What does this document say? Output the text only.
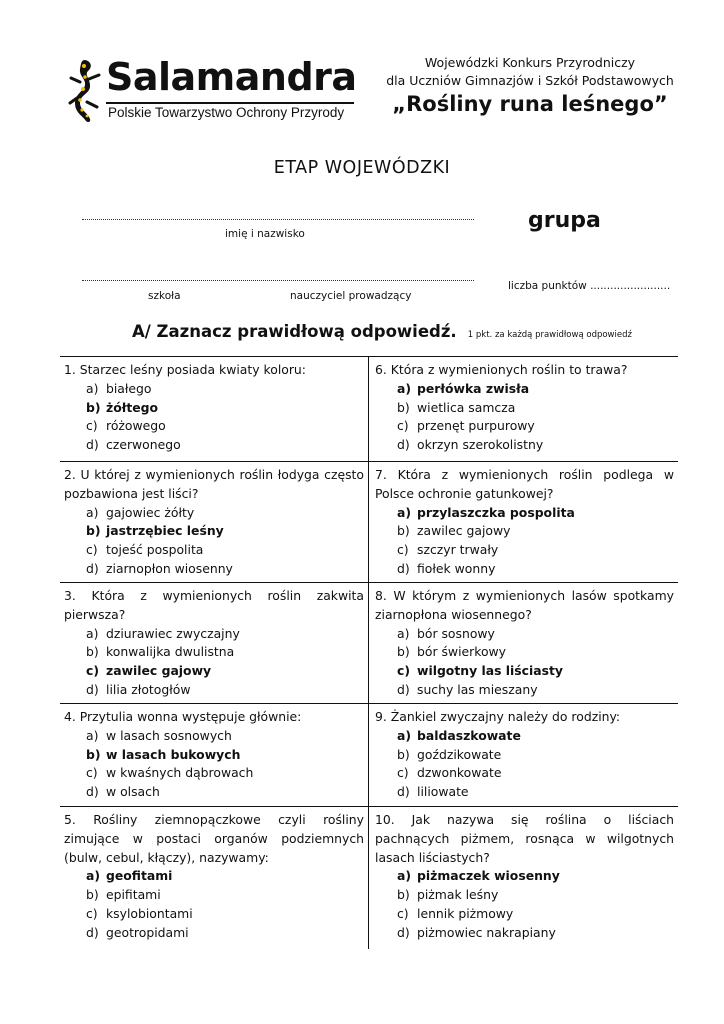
Salamandra
Polskie Towarzystwo Ochrony Przyrody
Wojewódzki Konkurs Przyrodniczy
dla Uczniów Gimnazjów i Szkół Podstawowych
„Rośliny runa leśnego”
ETAP WOJEWÓDZKI
imię i nazwisko
grupa
szkoła	nauczyciel prowadzący
liczba punktów ........................
A/ Zaznacz prawidłową odpowiedź. 1 pkt. za każdą prawidłową odpowiedź
1. Starzec leśny posiada kwiaty koloru:
a) białego
b) żółtego
c) różowego
d) czerwonego
6. Która z wymienionych roślin to trawa?
a) perłówka zwisła
b) wietlica samcza
c) przenęt purpurowy
d) okrzyn szerokolistny
2. U której z wymienionych roślin łodyga często pozbawiona jest liści?
a) gajowiec żółty
b) jastrzębiec leśny
c) tojeść pospolita
d) ziarnopłon wiosenny
7. Która z wymienionych roślin podlega w Polsce ochronie gatunkowej?
a) przylaszczka pospolita
b) zawilec gajowy
c) szczyr trwały
d) fiołek wonny
3. Która z wymienionych roślin zakwita pierwsza?
a) dziurawiec zwyczajny
b) konwalijka dwulistna
c) zawilec gajowy
d) lilia złotogłów
8. W którym z wymienionych lasów spotkamy ziarnopłona wiosennego?
a) bór sosnowy
b) bór świerkowy
c) wilgotny las liściasty
d) suchy las mieszany
4. Przytulia wonna występuje głównie:
a) w lasach sosnowych
b) w lasach bukowych
c) w kwaśnych dąbrowach
d) w olsach
9. Żankiel zwyczajny należy do rodziny:
a) baldaszkowate
b) goździkowate
c) dzwonkowate
d) liliowate
5. Rośliny ziemnopączkowe czyli rośliny zimujące w postaci organów podziemnych (bulw, cebul, kłączy), nazywamy:
a) geofitami
b) epifitami
c) ksylobiontami
d) geotropidami
10. Jak nazywa się roślina o liściach pachnących piżmem, rosnąca w wilgotnych lasach liściastych?
a) piżmaczek wiosenny
b) piżmak leśny
c) lennik piżmowy
d) piżmowiec nakrapiany
